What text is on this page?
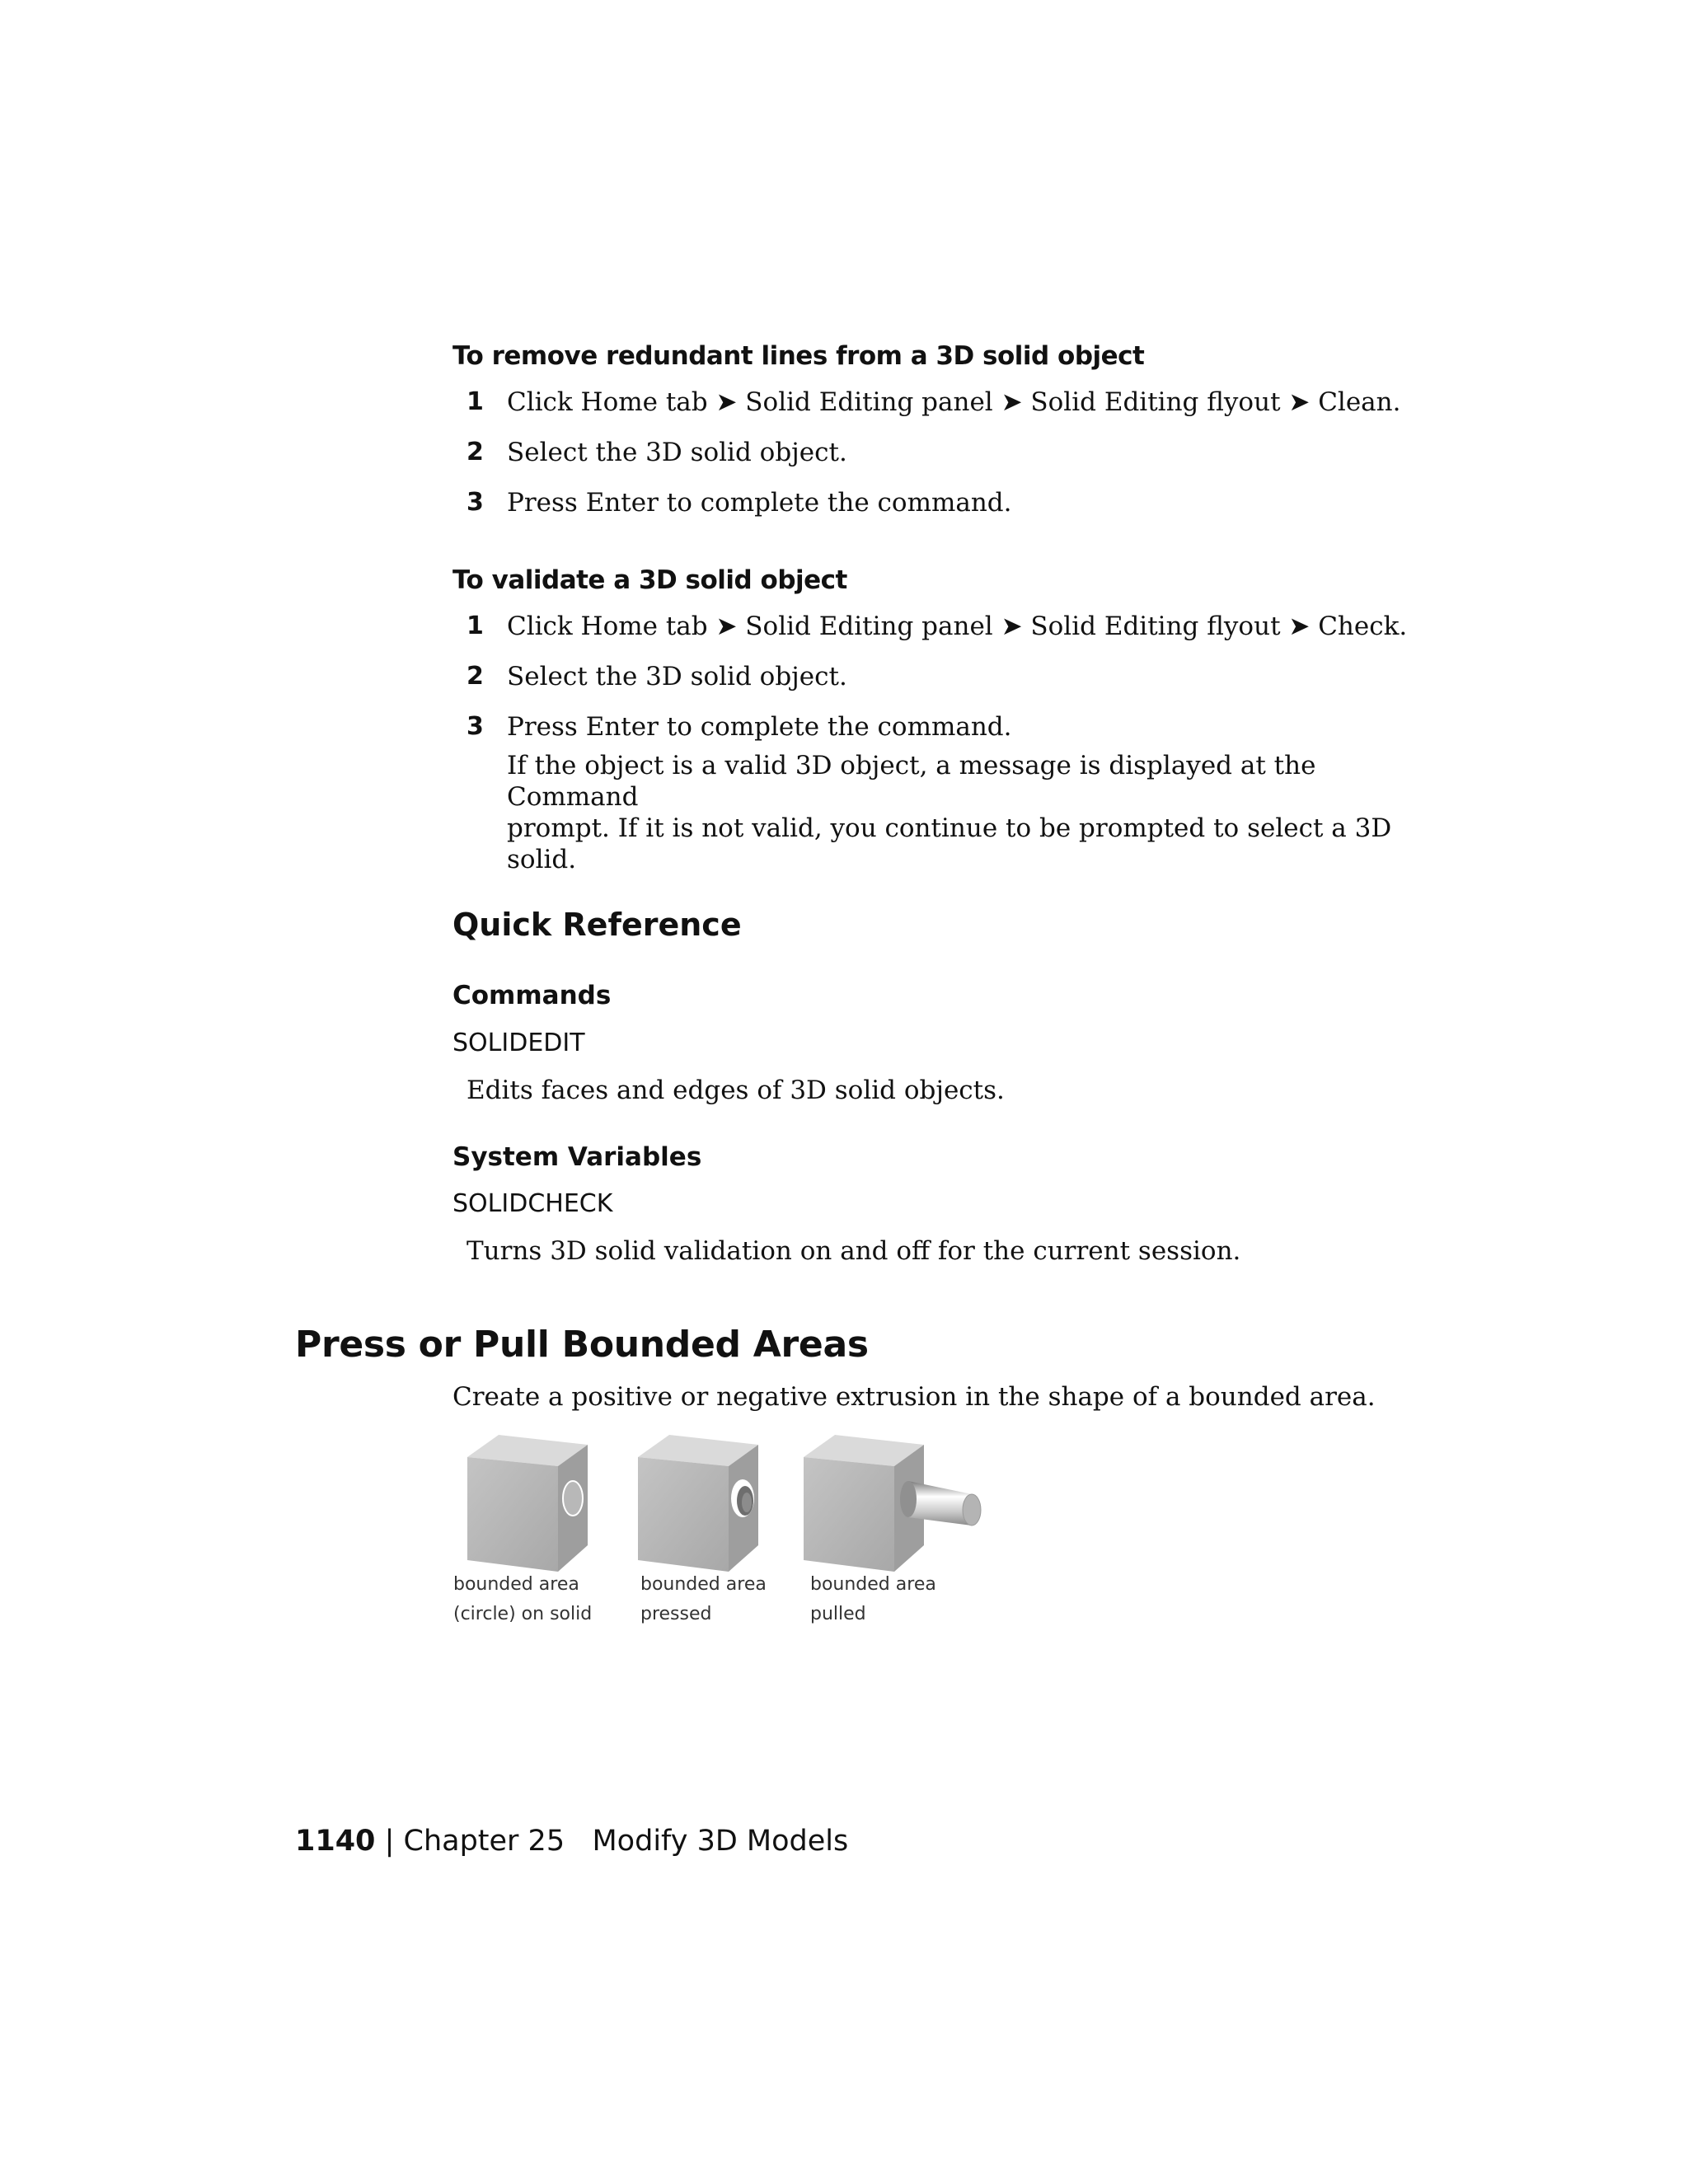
To remove redundant lines from a 3D solid object
1 Click Home tab ➤ Solid Editing panel ➤ Solid Editing flyout ➤ Clean.
2 Select the 3D solid object.
3 Press Enter to complete the command.
To validate a 3D solid object
1 Click Home tab ➤ Solid Editing panel ➤ Solid Editing flyout ➤ Check.
2 Select the 3D solid object.
3 Press Enter to complete the command.
If the object is a valid 3D object, a message is displayed at the Command
prompt. If it is not valid, you continue to be prompted to select a 3D
solid.
Quick Reference
Commands
SOLIDEDIT
Edits faces and edges of 3D solid objects.
System Variables
SOLIDCHECK
Turns 3D solid validation on and off for the current session.
Press or Pull Bounded Areas
Create a positive or negative extrusion in the shape of a bounded area.
bounded area
(circle) on solid
bounded area
pressed
bounded area
pulled
1140 | Chapter 25 Modify 3D Models
